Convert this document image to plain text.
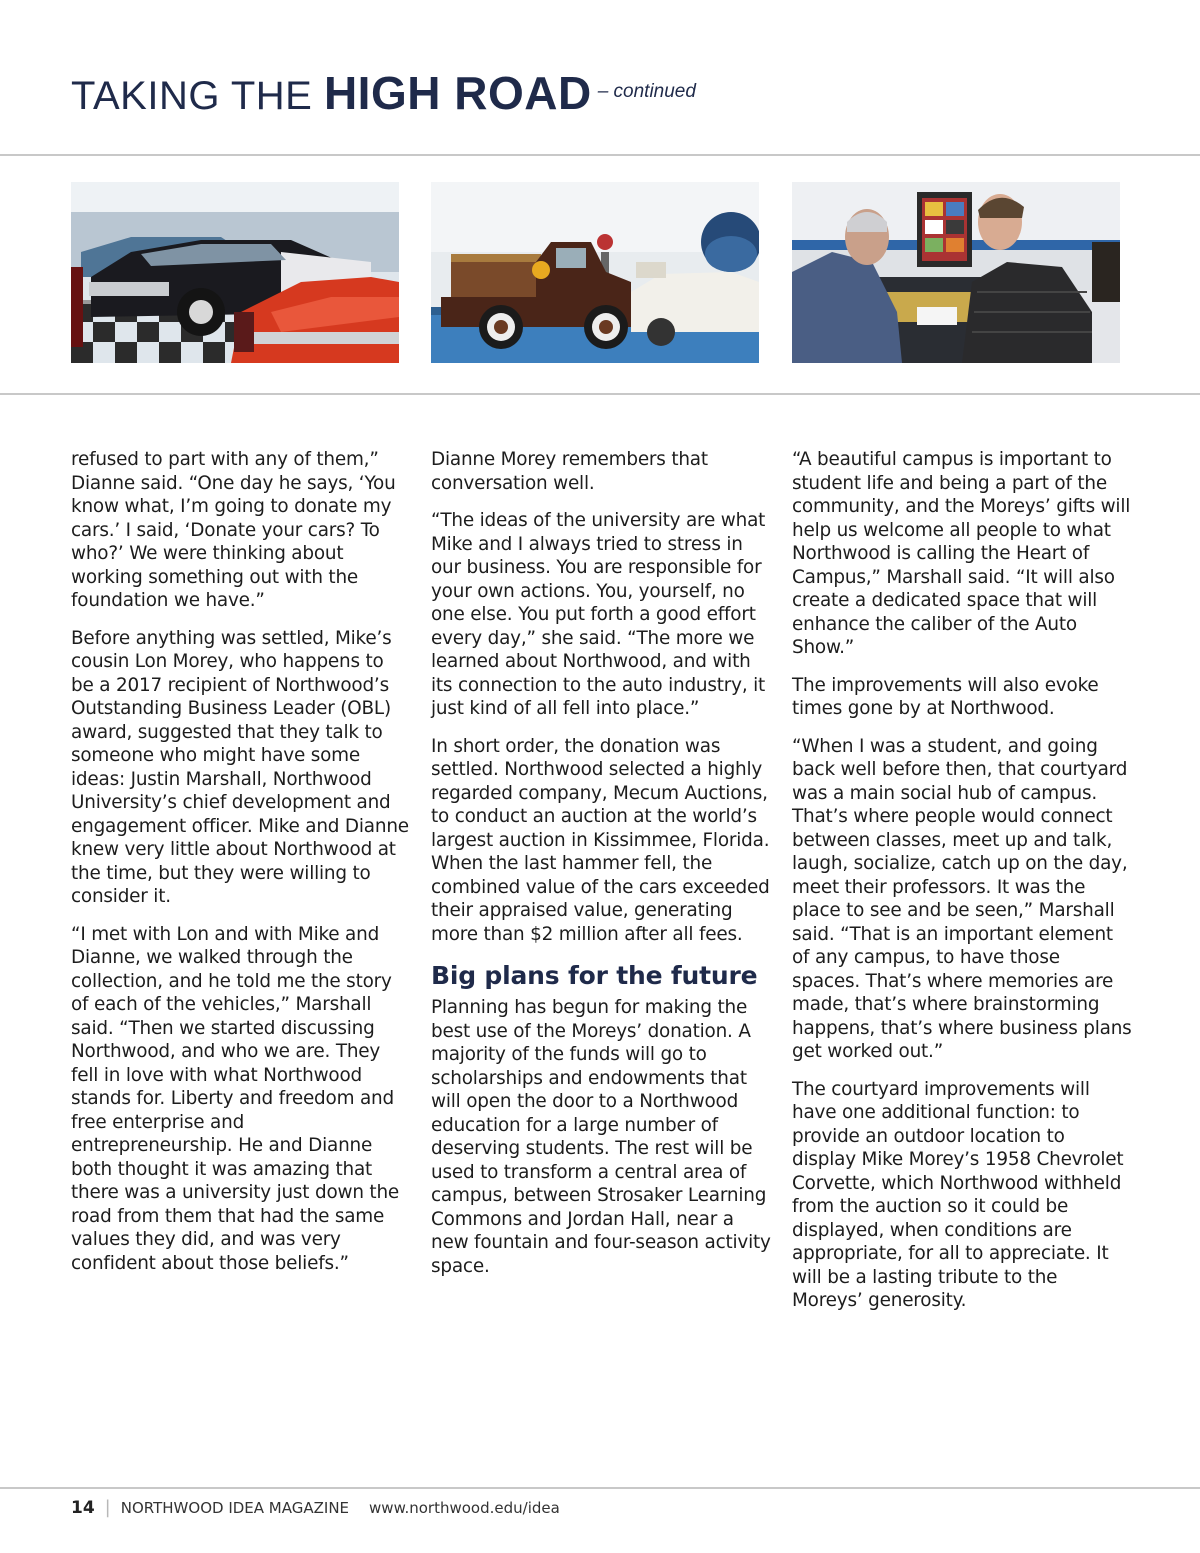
TAKING THE HIGH ROAD $^{- continued}$

refused to part with any of them,” Dianne said. “One day he says, ‘You know what, I’m going to donate my cars.’ I said, ‘Donate your cars? To who?’ We were thinking about working something out with the foundation we have.”

Before anything was settled, Mike’s cousin Lon Morey, who happens to be a 2017 recipient of Northwood’s Outstanding Business Leader (OBL) award, suggested that they talk to someone who might have some ideas: Justin Marshall, Northwood University’s chief development and engagement officer. Mike and Dianne knew very little about Northwood at the time, but they were willing to consider it.

“I met with Lon and with Mike and Dianne, we walked through the collection, and he told me the story of each of the vehicles,” Marshall said. “Then we started discussing Northwood, and who we are. They fell in love with what Northwood stands for. Liberty and freedom and free enterprise and entrepreneurship. He and Dianne both thought it was amazing that there was a university just down the road from them that had the same values they did, and was very confident about those beliefs.”

Dianne Morey remembers that conversation well.

“The ideas of the university are what Mike and I always tried to stress in our business. You are responsible for your own actions. You, yourself, no one else. You put forth a good effort every day,” she said. “The more we learned about Northwood, and with its connection to the auto industry, it just kind of all fell into place.”

In short order, the donation was settled. Northwood selected a highly regarded company, Mecum Auctions, to conduct an auction at the world’s largest auction in Kissimmee, Florida. When the last hammer fell, the combined value of the cars exceeded their appraised value, generating more than $2 million after all fees.

Big plans for the future

Planning has begun for making the best use of the Moreys’ donation. A majority of the funds will go to scholarships and endowments that will open the door to a Northwood education for a large number of deserving students. The rest will be used to transform a central area of campus, between Strosaker Learning Commons and Jordan Hall, near a new fountain and four-season activity space.

“A beautiful campus is important to student life and being a part of the community, and the Moreys’ gifts will help us welcome all people to what Northwood is calling the Heart of Campus,” Marshall said. “It will also create a dedicated space that will enhance the caliber of the Auto Show.”

The improvements will also evoke times gone by at Northwood.

“When I was a student, and going back well before then, that courtyard was a main social hub of campus. That’s where people would connect between classes, meet up and talk, laugh, socialize, catch up on the day, meet their professors. It was the place to see and be seen,” Marshall said. “That is an important element of any campus, to have those spaces. That’s where memories are made, that’s where brainstorming happens, that’s where business plans get worked out.”

The courtyard improvements will have one additional function: to provide an outdoor location to display Mike Morey’s 1958 Chevrolet Corvette, which Northwood withheld from the auction so it could be displayed, when conditions are appropriate, for all to appreciate. It will be a lasting tribute to the Moreys’ generosity.

14 | NORTHWOOD IDEA MAGAZINE www.northwood.edu/idea
